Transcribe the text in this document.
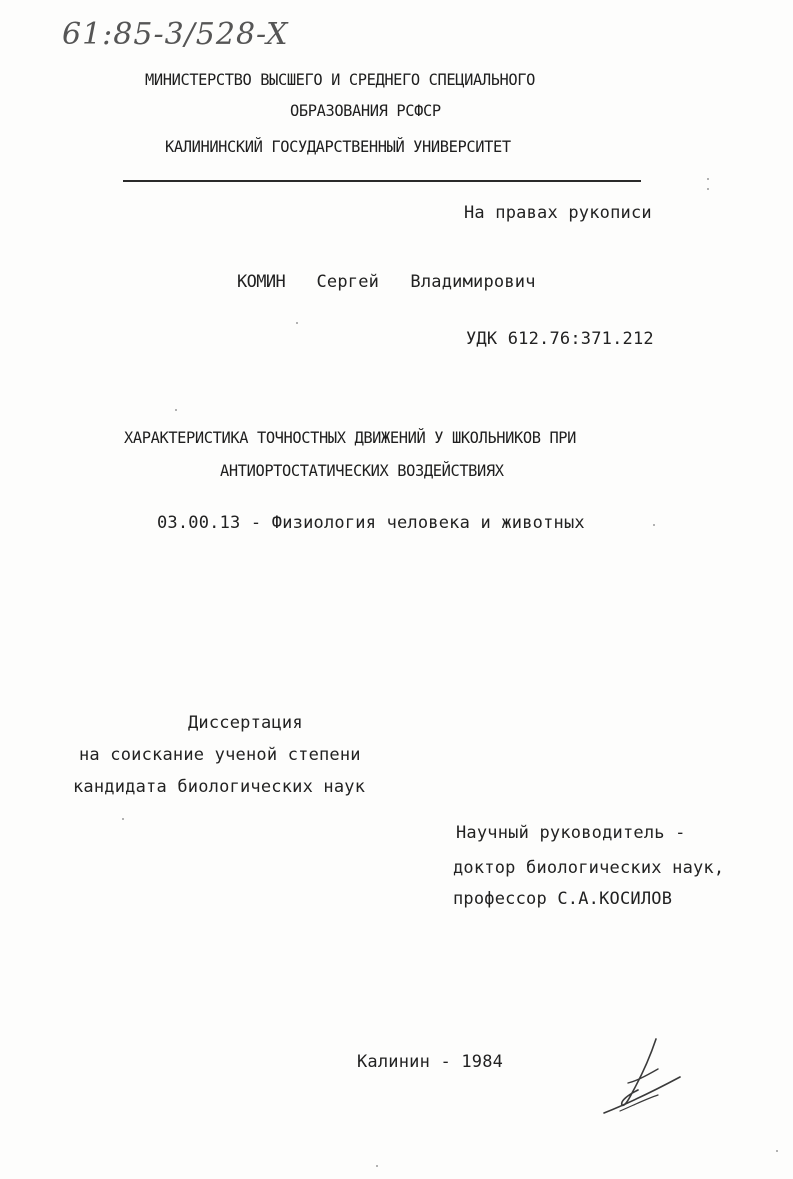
61:85-3/528-X
МИНИСТЕРСТВО ВЫСШЕГО И СРЕДНЕГО СПЕЦИАЛЬНОГО
ОБРАЗОВАНИЯ РСФСР
КАЛИНИНСКИЙ ГОСУДАРСТВЕННЫЙ УНИВЕРСИТЕТ
На правах рукописи
КОМИН Сергей Владимирович
УДК 612.76:371.212
ХАРАКТЕРИСТИКА ТОЧНОСТНЫХ ДВИЖЕНИЙ У ШКОЛЬНИКОВ ПРИ
АНТИОРТОСТАТИЧЕСКИХ ВОЗДЕЙСТВИЯХ
03.00.13 - Физиология человека и животных
Диссертация
на соискание ученой степени
кандидата биологических наук
Научный руководитель -
доктор биологических наук,
профессор С.А.КОСИЛОВ
Калинин - 1984
